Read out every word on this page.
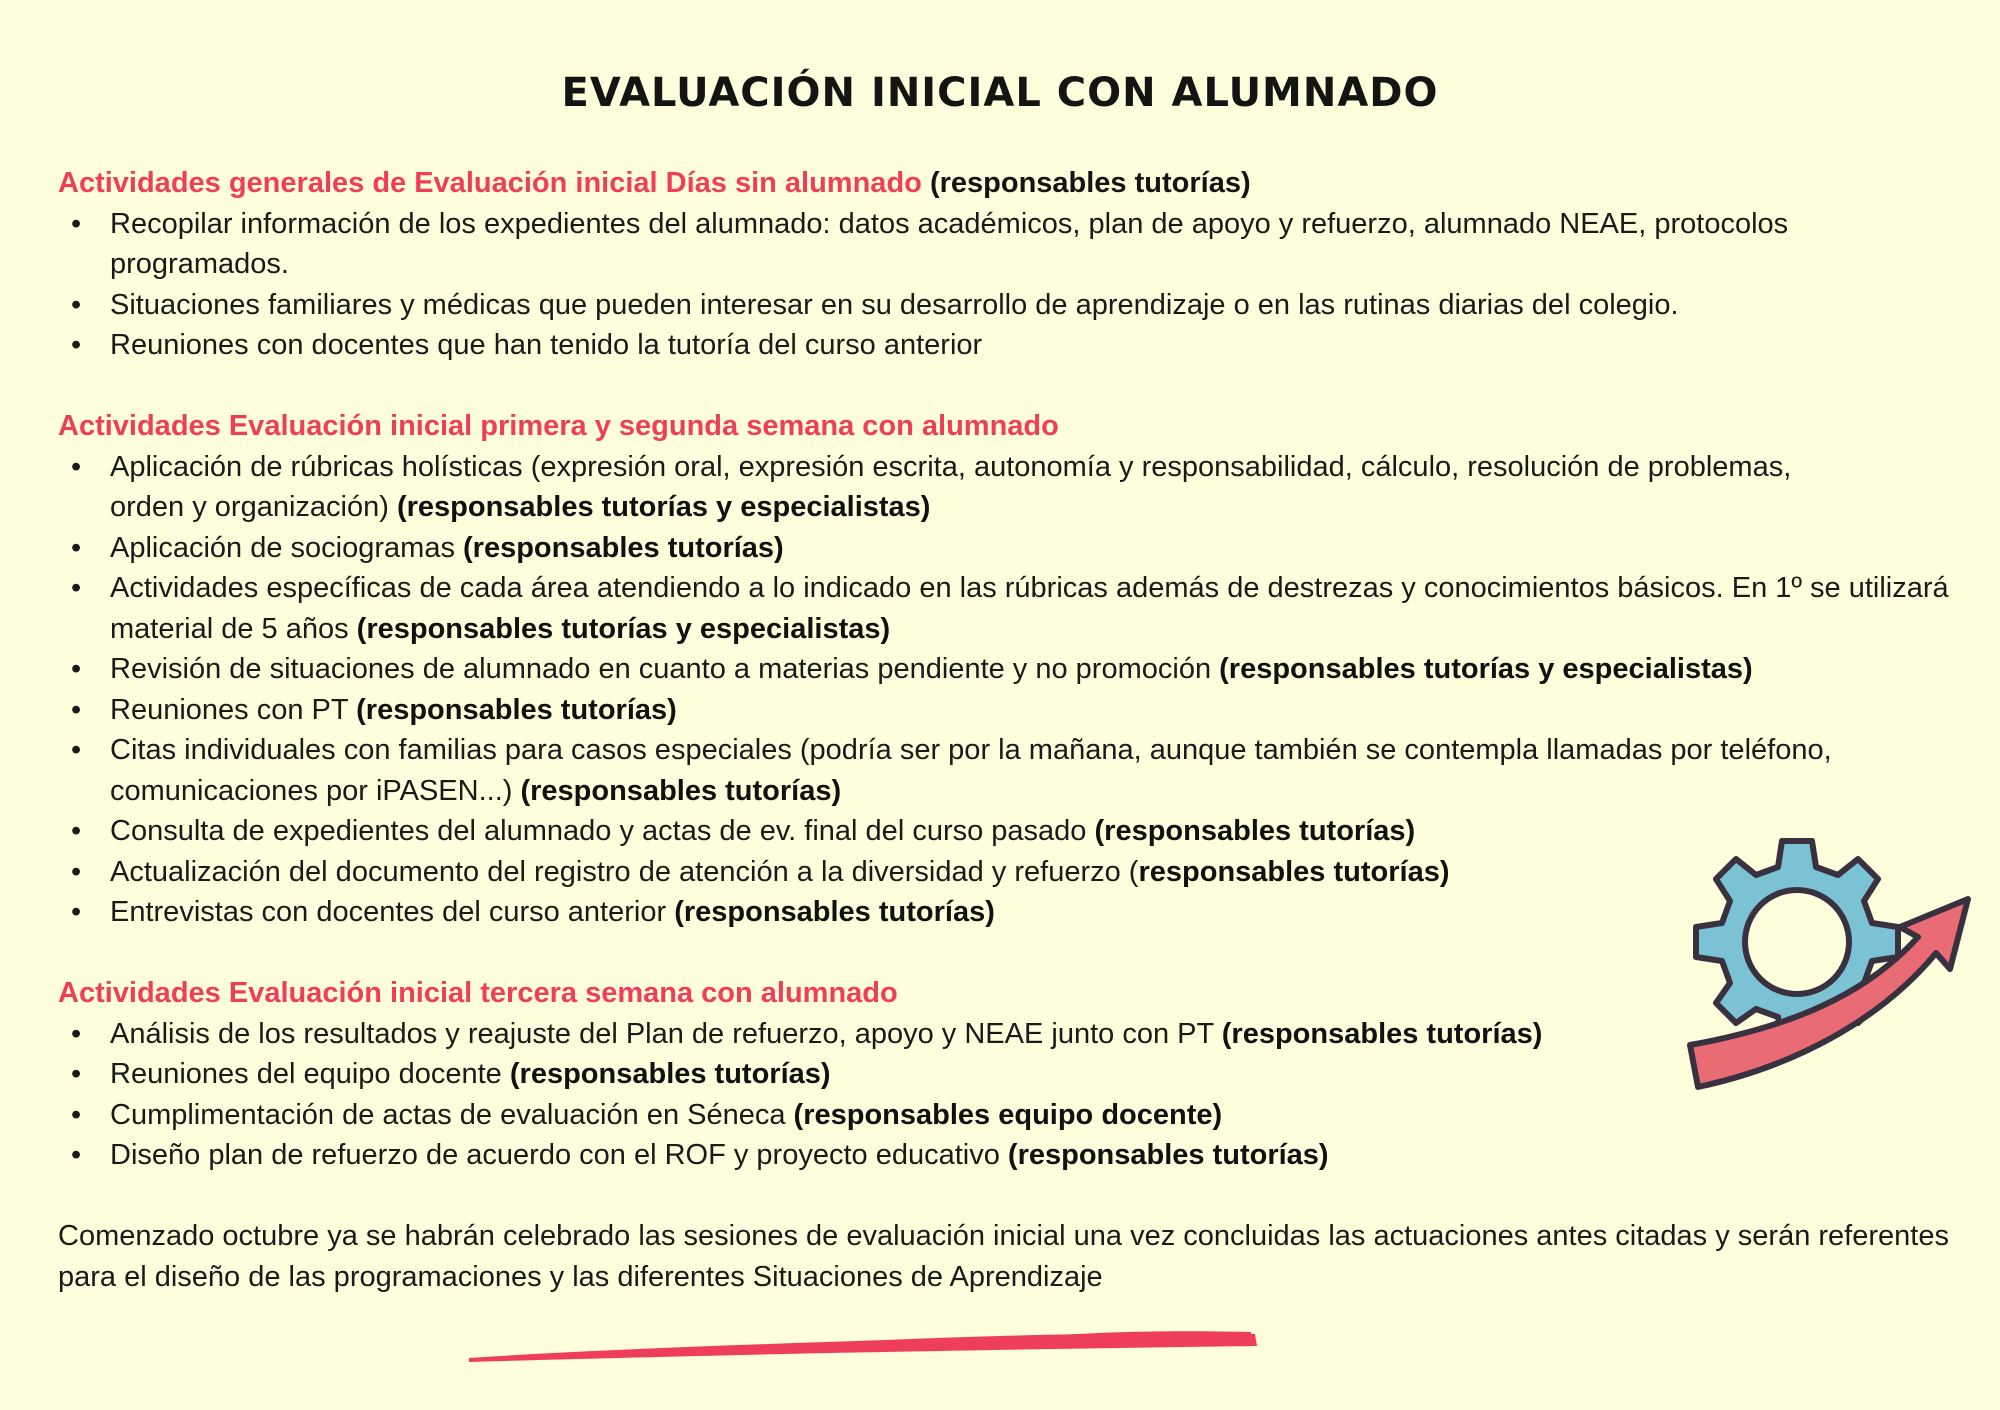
EVALUACIÓN INICIAL CON ALUMNADO

Actividades generales de Evaluación inicial Días sin alumnado (responsables tutorías)

• Recopilar información de los expedientes del alumnado: datos académicos, plan de apoyo y refuerzo, alumnado NEAE, protocolos programados.
• Situaciones familiares y médicas que pueden interesar en su desarrollo de aprendizaje o en las rutinas diarias del colegio.
• Reuniones con docentes que han tenido la tutoría del curso anterior

Actividades Evaluación inicial primera y segunda semana con alumnado

• Aplicación de rúbricas holísticas (expresión oral, expresión escrita, autonomía y responsabilidad, cálculo, resolución de problemas, orden y organización) (responsables tutorías y especialistas)
• Aplicación de sociogramas (responsables tutorías)
• Actividades específicas de cada área atendiendo a lo indicado en las rúbricas además de destrezas y conocimientos básicos. En 1º se utilizará material de 5 años (responsables tutorías y especialistas)
• Revisión de situaciones de alumnado en cuanto a materias pendiente y no promoción (responsables tutorías y especialistas)
• Reuniones con PT (responsables tutorías)
• Citas individuales con familias para casos especiales (podría ser por la mañana, aunque también se contempla llamadas por teléfono, comunicaciones por iPASEN...) (responsables tutorías)
• Consulta de expedientes del alumnado y actas de ev. final del curso pasado (responsables tutorías)
• Actualización del documento del registro de atención a la diversidad y refuerzo (responsables tutorías)
• Entrevistas con docentes del curso anterior (responsables tutorías)

Actividades Evaluación inicial tercera semana con alumnado

• Análisis de los resultados y reajuste del Plan de refuerzo, apoyo y NEAE junto con PT (responsables tutorías)
• Reuniones del equipo docente (responsables tutorías)
• Cumplimentación de actas de evaluación en Séneca (responsables equipo docente)
• Diseño plan de refuerzo de acuerdo con el ROF y proyecto educativo (responsables tutorías)

Comenzado octubre ya se habrán celebrado las sesiones de evaluación inicial una vez concluidas las actuaciones antes citadas y serán referentes para el diseño de las programaciones y las diferentes Situaciones de Aprendizaje
